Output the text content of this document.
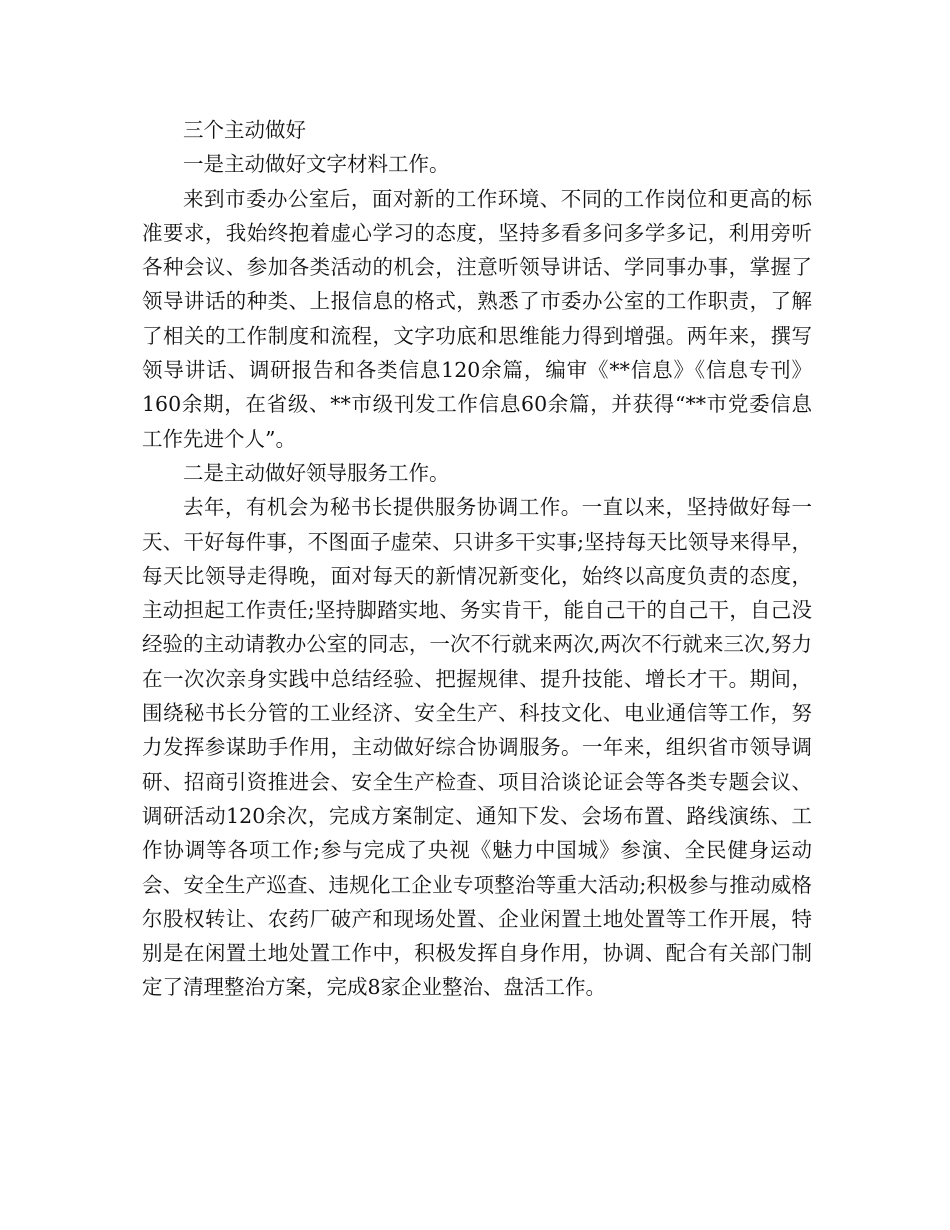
三个主动做好

一是主动做好文字材料工作。

来到市委办公室后，面对新的工作环境、不同的工作岗位和更高的标准要求，我始终抱着虚心学习的态度，坚持多看多问多学多记，利用旁听各种会议、参加各类活动的机会，注意听领导讲话、学同事办事，掌握了领导讲话的种类、上报信息的格式，熟悉了市委办公室的工作职责，了解了相关的工作制度和流程，文字功底和思维能力得到增强。两年来，撰写领导讲话、调研报告和各类信息120余篇，编审《**信息》《信息专刊》160余期，在省级、**市级刊发工作信息60余篇，并获得“**市党委信息工作先进个人”。

二是主动做好领导服务工作。

去年，有机会为秘书长提供服务协调工作。一直以来，坚持做好每一天、干好每件事，不图面子虚荣、只讲多干实事;坚持每天比领导来得早，每天比领导走得晚，面对每天的新情况新变化，始终以高度负责的态度，主动担起工作责任;坚持脚踏实地、务实肯干，能自己干的自己干，自己没经验的主动请教办公室的同志，一次不行就来两次,两次不行就来三次,努力在一次次亲身实践中总结经验、把握规律、提升技能、增长才干。期间，围绕秘书长分管的工业经济、安全生产、科技文化、电业通信等工作，努力发挥参谋助手作用，主动做好综合协调服务。一年来，组织省市领导调研、招商引资推进会、安全生产检查、项目洽谈论证会等各类专题会议、调研活动120余次，完成方案制定、通知下发、会场布置、路线演练、工作协调等各项工作;参与完成了央视《魅力中国城》参演、全民健身运动会、安全生产巡查、违规化工企业专项整治等重大活动;积极参与推动威格尔股权转让、农药厂破产和现场处置、企业闲置土地处置等工作开展，特别是在闲置土地处置工作中，积极发挥自身作用，协调、配合有关部门制定了清理整治方案，完成8家企业整治、盘活工作。
